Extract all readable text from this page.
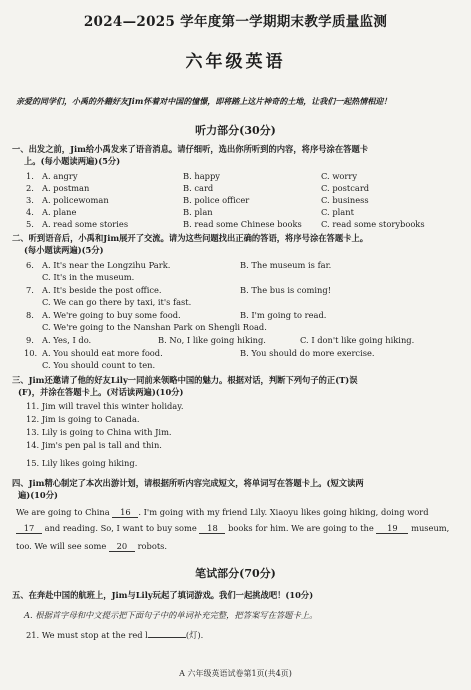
2024—2025 学年度第一学期期末教学质量监测
六年级英语
亲爱的同学们，小禹的外籍好友Jim怀着对中国的憧憬，即将踏上这片神奇的土地，让我们一起热情相迎！
听力部分(30分)
一、出发之前，Jim给小禹发来了语音消息。请仔细听，选出你所听到的内容，将序号涂在答题卡
上。(每小题读两遍)(5分)
1. A. angry	B. happy	C. worry
2. A. postman	B. card	C. postcard
3. A. policewoman	B. police officer	C. business
4. A. plane	B. plan	C. plant
5. A. read some stories	B. read some Chinese books C. read some storybooks
二、听到语音后，小禹和Jim展开了交流。请为这些问题找出正确的答语，将序号涂在答题卡上。
(每小题读两遍)(5分)
6. A. It's near the Longzihu Park.	B. The museum is far.
C. It's in the museum.
7. A. It's beside the post office.	B. The bus is coming!
C. We can go there by taxi, it's fast.
8. A. We're going to buy some food.	B. I'm going to read.
C. We're going to the Nanshan Park on Shengli Road.
9. A. Yes, I do.	B. No, I like going hiking.	C. I don't like going hiking.
10. A. You should eat more food.	B. You should do more exercise.
C. You should count to ten.
三、Jim还邀请了他的好友Lily一同前来领略中国的魅力。根据对话，判断下列句子的正(T)误
(F)，并涂在答题卡上。(对话读两遍)(10分)
11. Jim will travel this winter holiday.
12. Jim is going to Canada.
13. Lily is going to China with Jim.
14. Jim's pen pal is tall and thin.
15. Lily likes going hiking.
四、Jim精心制定了本次出游计划，请根据所听内容完成短文，将单词写在答题卡上。(短文读两
遍)(10分)
We are going to China 16 . I'm going with my friend Lily. Xiaoyu likes going hiking, doing word
17 and reading. So, I want to buy some 18 books for him. We are going to the 19 museum,
too. We will see some 20 robots.
笔试部分(70分)
五、在奔赴中国的航班上，Jim与Lily玩起了填词游戏。我们一起挑战吧！(10分)
A. 根据首字母和中文提示把下面句子中的单词补充完整，把答案写在答题卡上。
21. We must stop at the red l	(灯).
A 六年级英语试卷第1页(共4页)
